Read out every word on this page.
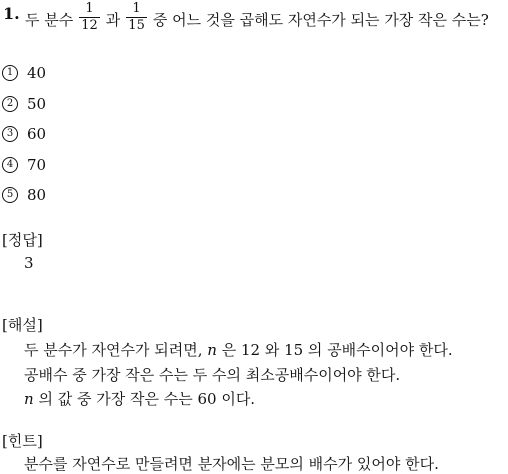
1. 두 분수 $\frac{1}{12}$ 과 $\frac{1}{15}$ 중 어느 것을 곱해도 자연수가 되는 가장 작은 수는?
1 40
2 50
3 60
4 70
5 80
[정답]
3
[해설]
두 분수가 자연수가 되려면, n 은 12 와 15 의 공배수이어야 한다.
공배수 중 가장 작은 수는 두 수의 최소공배수이어야 한다.
n 의 값 중 가장 작은 수는 60 이다.
[힌트]
분수를 자연수로 만들려면 분자에는 분모의 배수가 있어야 한다.
